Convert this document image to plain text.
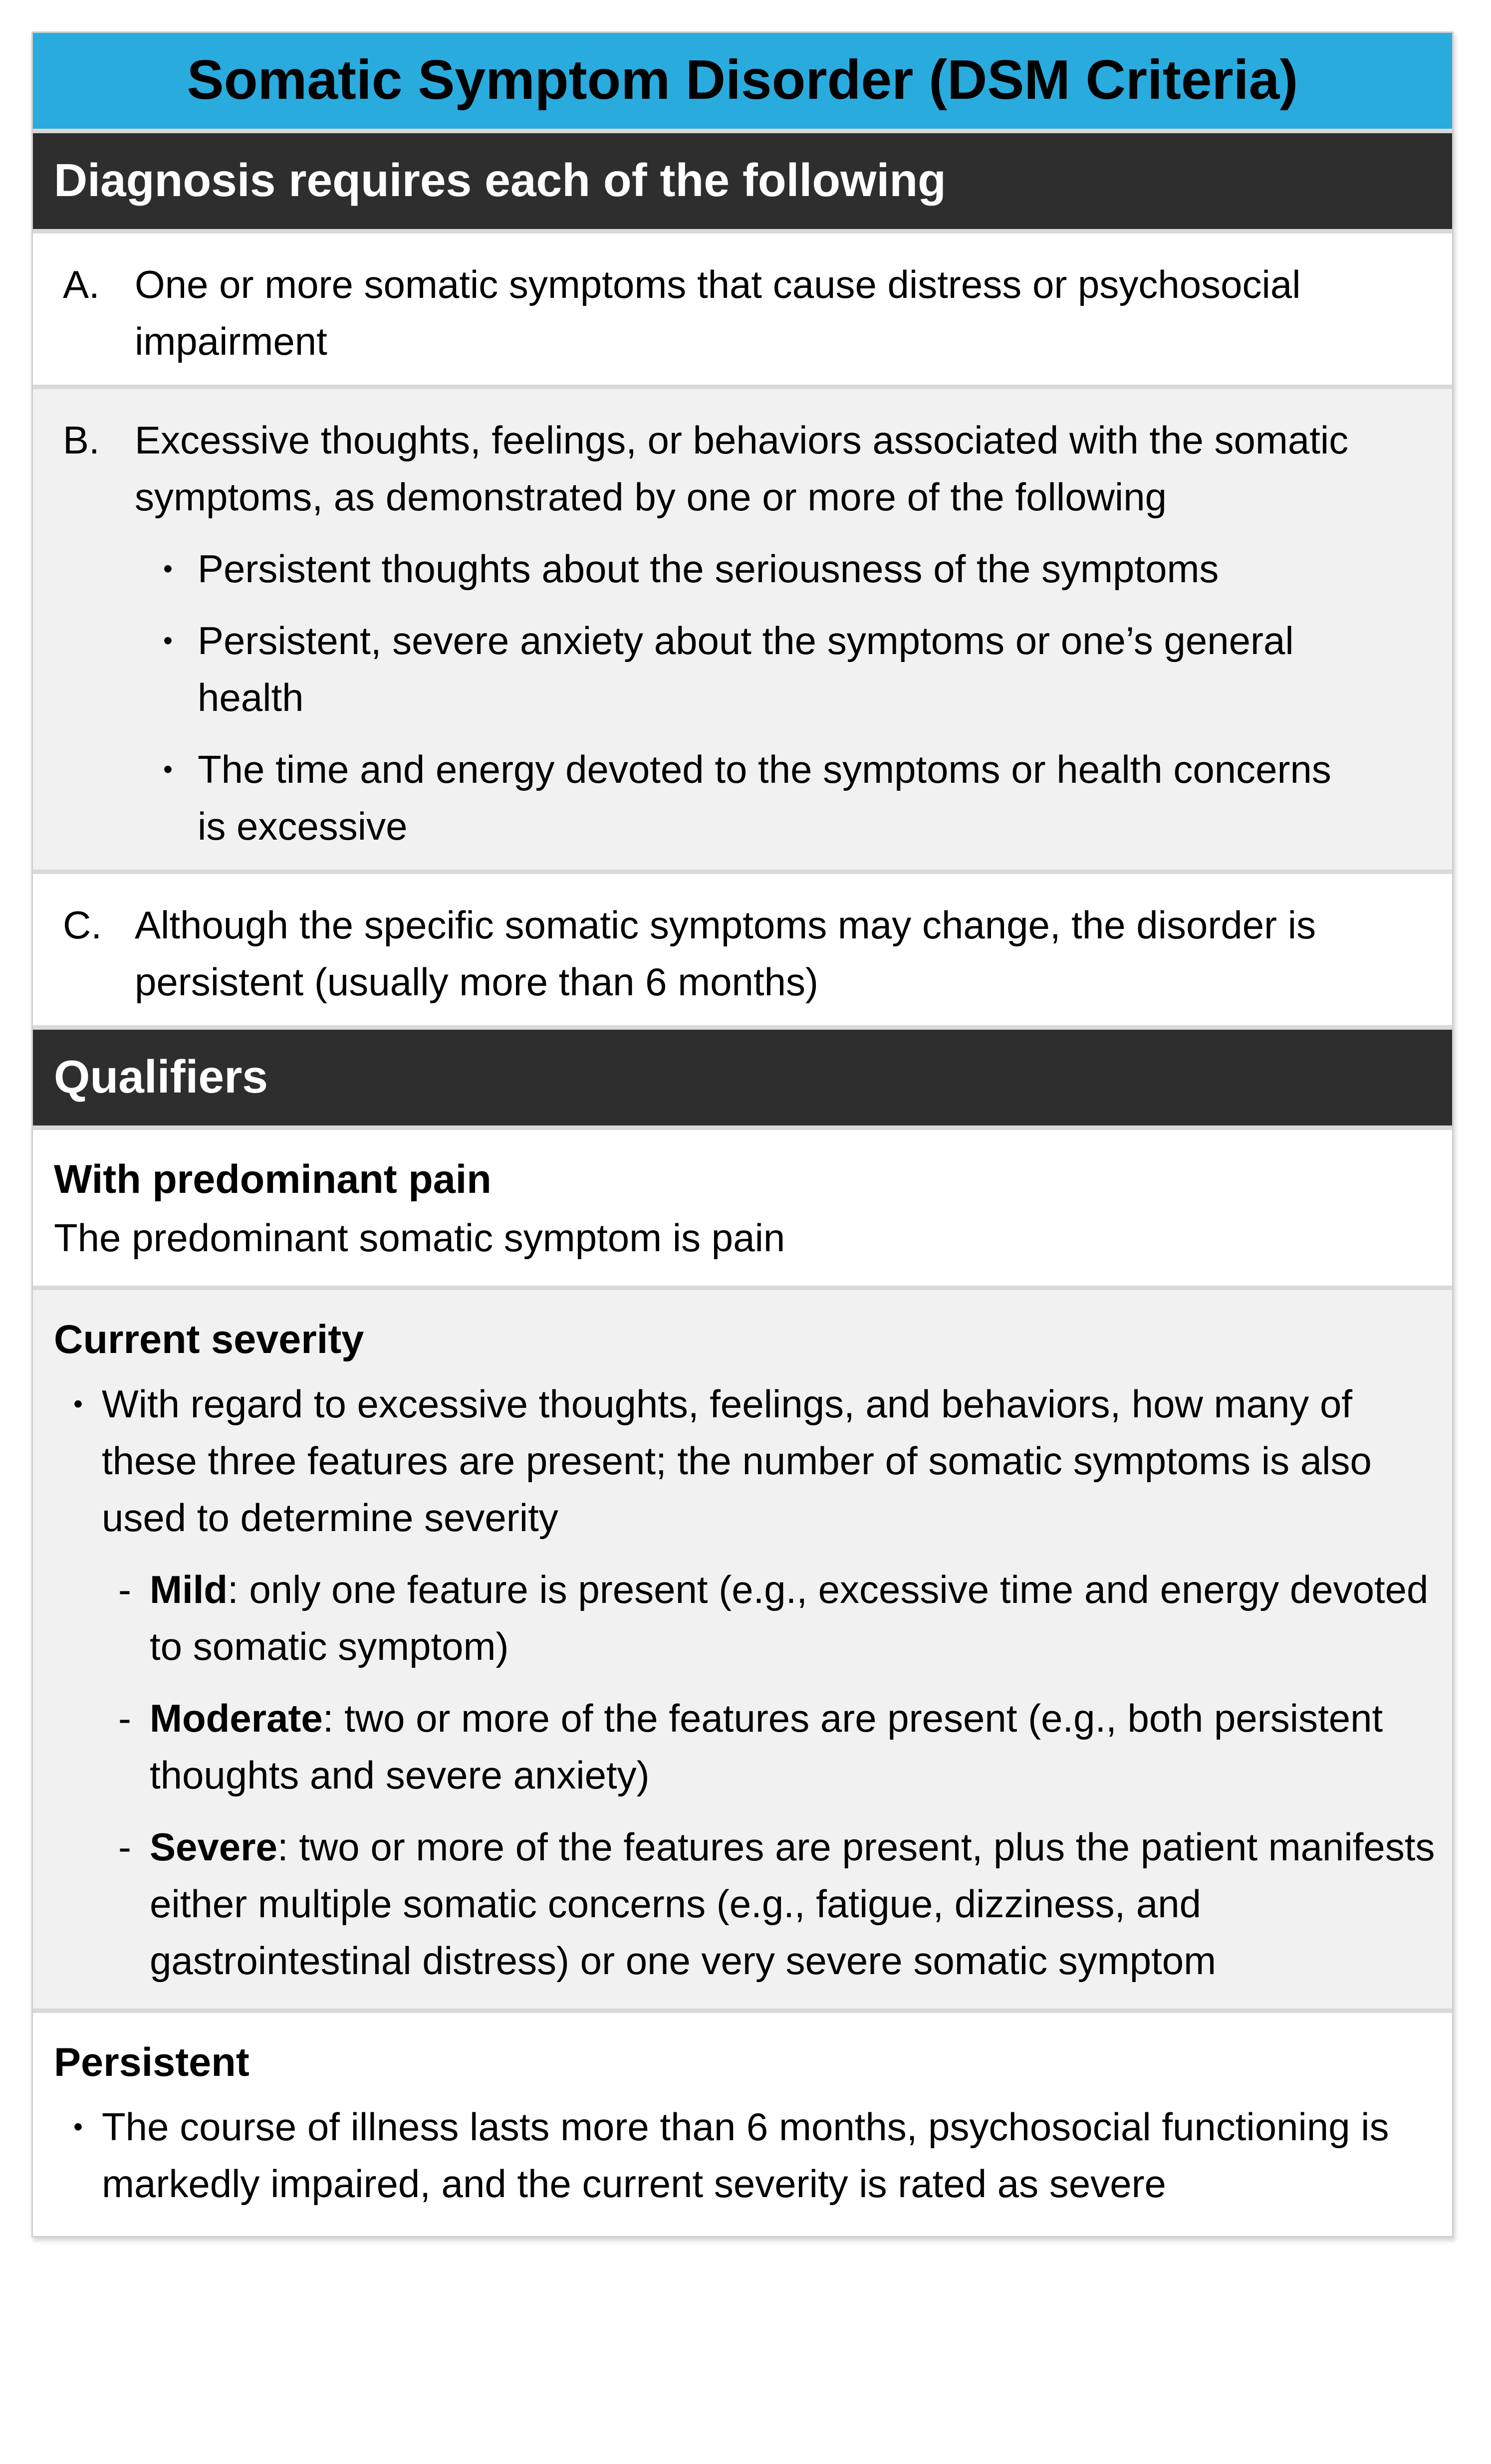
Somatic Symptom Disorder (DSM Criteria)
Diagnosis requires each of the following
A.	One or more somatic symptoms that cause distress or psychosocial impairment
B.	Excessive thoughts, feelings, or behaviors associated with the somatic symptoms, as demonstrated by one or more of the following
•	Persistent thoughts about the seriousness of the symptoms
•	Persistent, severe anxiety about the symptoms or one’s general health
•	The time and energy devoted to the symptoms or health concerns is excessive
C.	Although the specific somatic symptoms may change, the disorder is persistent (usually more than 6 months)
Qualifiers
With predominant pain
The predominant somatic symptom is pain
Current severity
•	With regard to excessive thoughts, feelings, and behaviors, how many of these three features are present; the number of somatic symptoms is also used to determine severity
-	Mild: only one feature is present (e.g., excessive time and energy devoted to somatic symptom)
-	Moderate: two or more of the features are present (e.g., both persistent thoughts and severe anxiety)
-	Severe: two or more of the features are present, plus the patient manifests either multiple somatic concerns (e.g., fatigue, dizziness, and gastrointestinal distress) or one very severe somatic symptom
Persistent
•	The course of illness lasts more than 6 months, psychosocial functioning is markedly impaired, and the current severity is rated as severe
